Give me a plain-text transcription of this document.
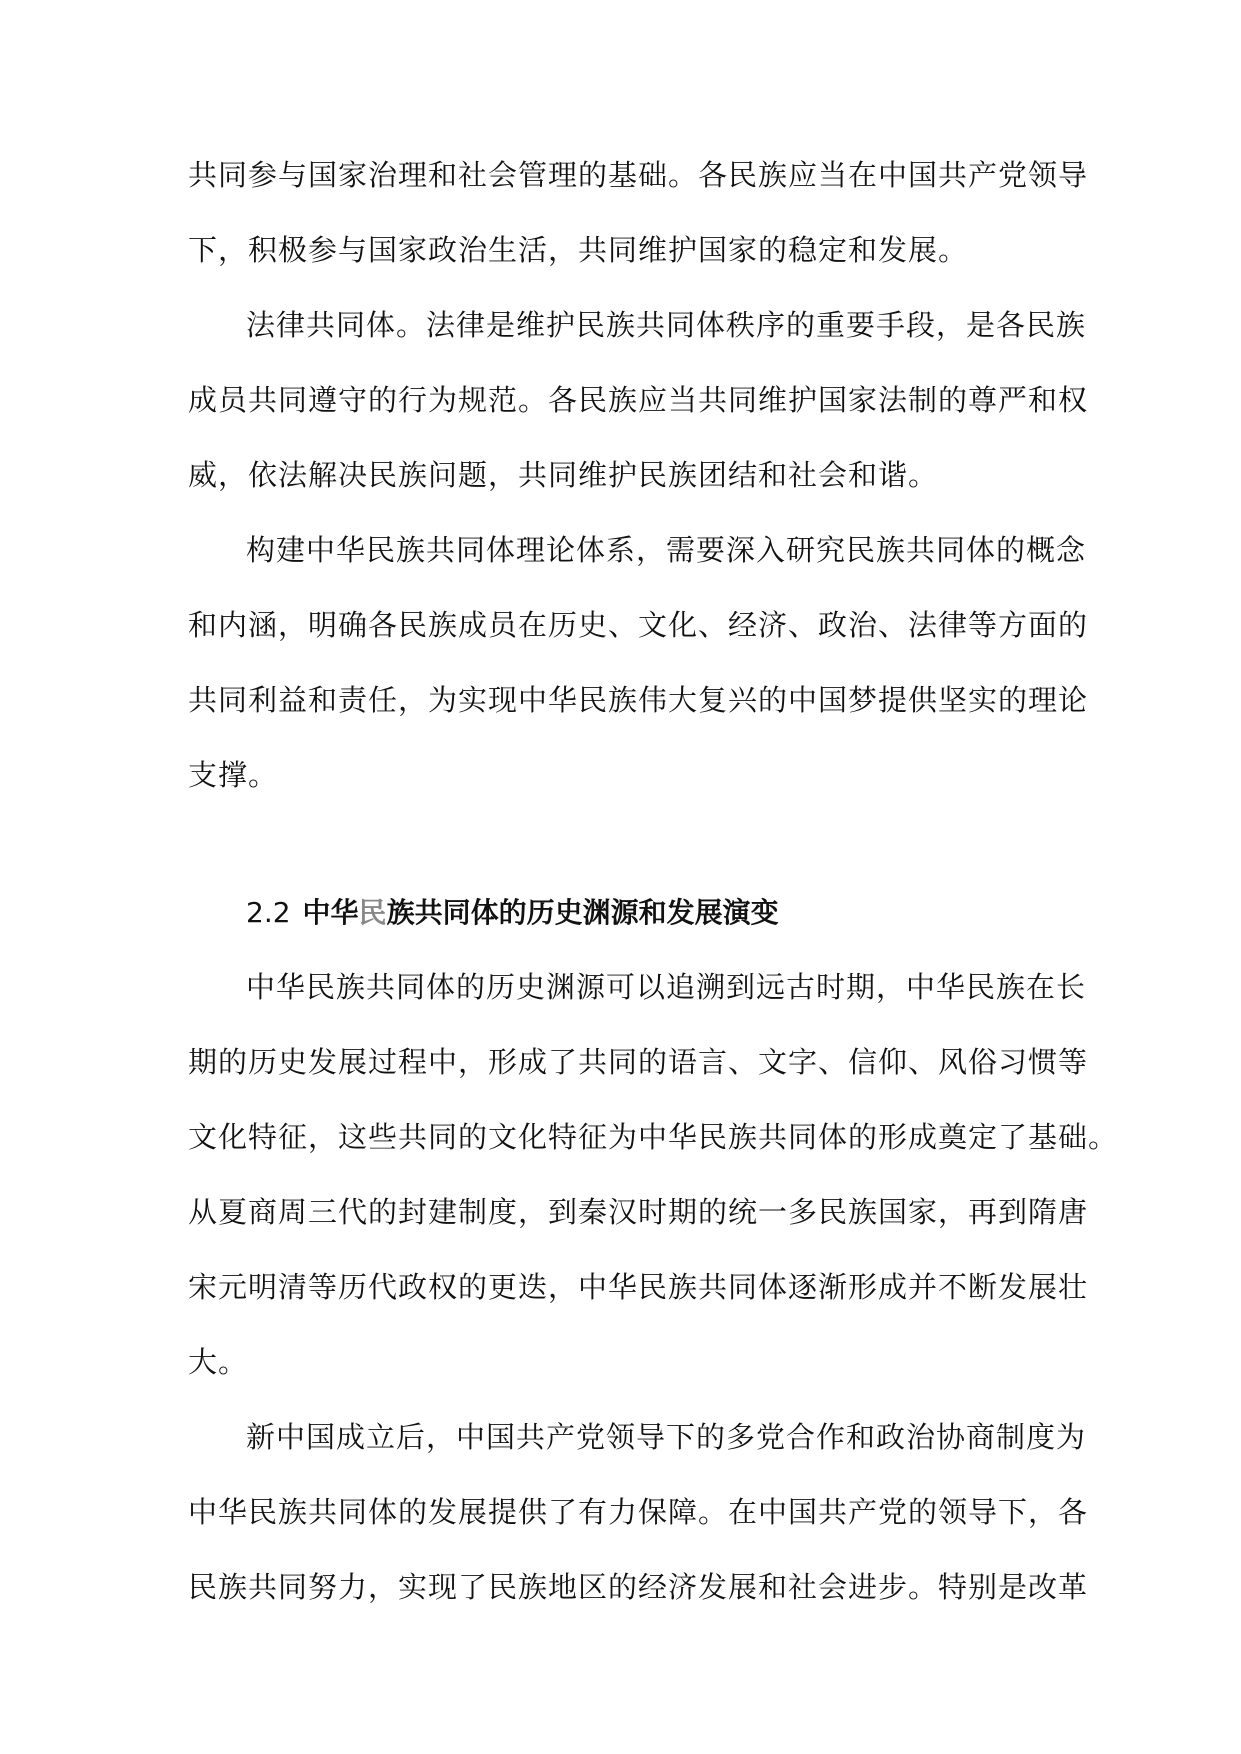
共同参与国家治理和社会管理的基础。各民族应当在中国共产党领导
下，积极参与国家政治生活，共同维护国家的稳定和发展。
法律共同体。法律是维护民族共同体秩序的重要手段，是各民族
成员共同遵守的行为规范。各民族应当共同维护国家法制的尊严和权
威，依法解决民族问题，共同维护民族团结和社会和谐。
构建中华民族共同体理论体系，需要深入研究民族共同体的概念
和内涵，明确各民族成员在历史、文化、经济、政治、法律等方面的
共同利益和责任，为实现中华民族伟大复兴的中国梦提供坚实的理论
支撑。
2.2 中华民族共同体的历史渊源和发展演变
中华民族共同体的历史渊源可以追溯到远古时期，中华民族在长
期的历史发展过程中，形成了共同的语言、文字、信仰、风俗习惯等
文化特征，这些共同的文化特征为中华民族共同体的形成奠定了基础。
从夏商周三代的封建制度，到秦汉时期的统一多民族国家，再到隋唐
宋元明清等历代政权的更迭，中华民族共同体逐渐形成并不断发展壮
大。
新中国成立后，中国共产党领导下的多党合作和政治协商制度为
中华民族共同体的发展提供了有力保障。在中国共产党的领导下，各
民族共同努力，实现了民族地区的经济发展和社会进步。特别是改革
